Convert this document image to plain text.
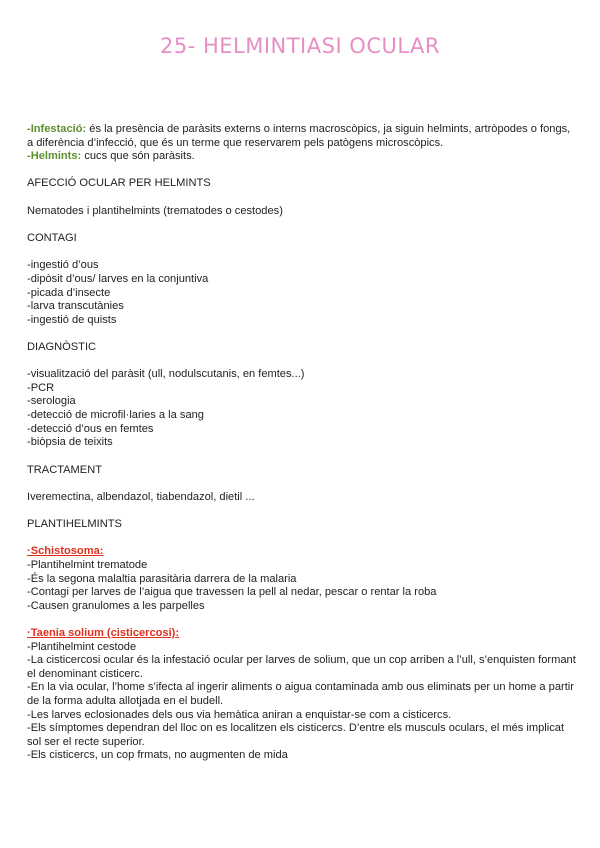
25- HELMINTIASI OCULAR

-Infestació: és la presència de paràsits externs o interns macroscòpics, ja siguin helmints, artròpodes o fongs, a diferència d’infecció, que és un terme que reservarem pels patògens microscòpics.

-Helmints: cucs que són paràsits.

AFECCIÓ OCULAR PER HELMINTS

Nematodes i plantihelmints (trematodes o cestodes)

CONTAGI

-ingestió d’ous

-dipòsit d’ous/ larves en la conjuntiva

-picada d’insecte

-larva transcutànies

-ingestió de quists

DIAGNÒSTIC

-visualització del paràsit (ull, nodulscutanis, en femtes...)

-PCR

-serologia

-detecció de microfil·laries a la sang

-detecció d’ous en femtes

-biòpsia de teixits

TRACTAMENT

Iveremectina, albendazol, tiabendazol, dietil ...

PLANTIHELMINTS

·Schistosoma:

-Plantihelmint trematode

-És la segona malaltia parasitària darrera de la malaria

-Contagi per larves de l’aigua que travessen la pell al nedar, pescar o rentar la roba

-Causen granulomes a les parpelles

·Taenia solium (cisticercosi):

-Plantihelmint cestode

-La cisticercosi ocular és la infestació ocular per larves de solium, que un cop arriben a l’ull, s’enquisten formant el denominant cisticerc.

-En la via ocular, l’home s’ifecta al ingerir aliments o aigua contaminada amb ous eliminats per un home a partir de la forma adulta allotjada en el budell.

-Les larves eclosionades dels ous via hemàtica aniran a enquistar-se com a cisticercs.

-Els símptomes dependran del lloc on es localitzen els cisticercs. D’entre els musculs oculars, el més implicat sol ser el recte superior.

-Els cisticercs, un cop frmats, no augmenten de mida
